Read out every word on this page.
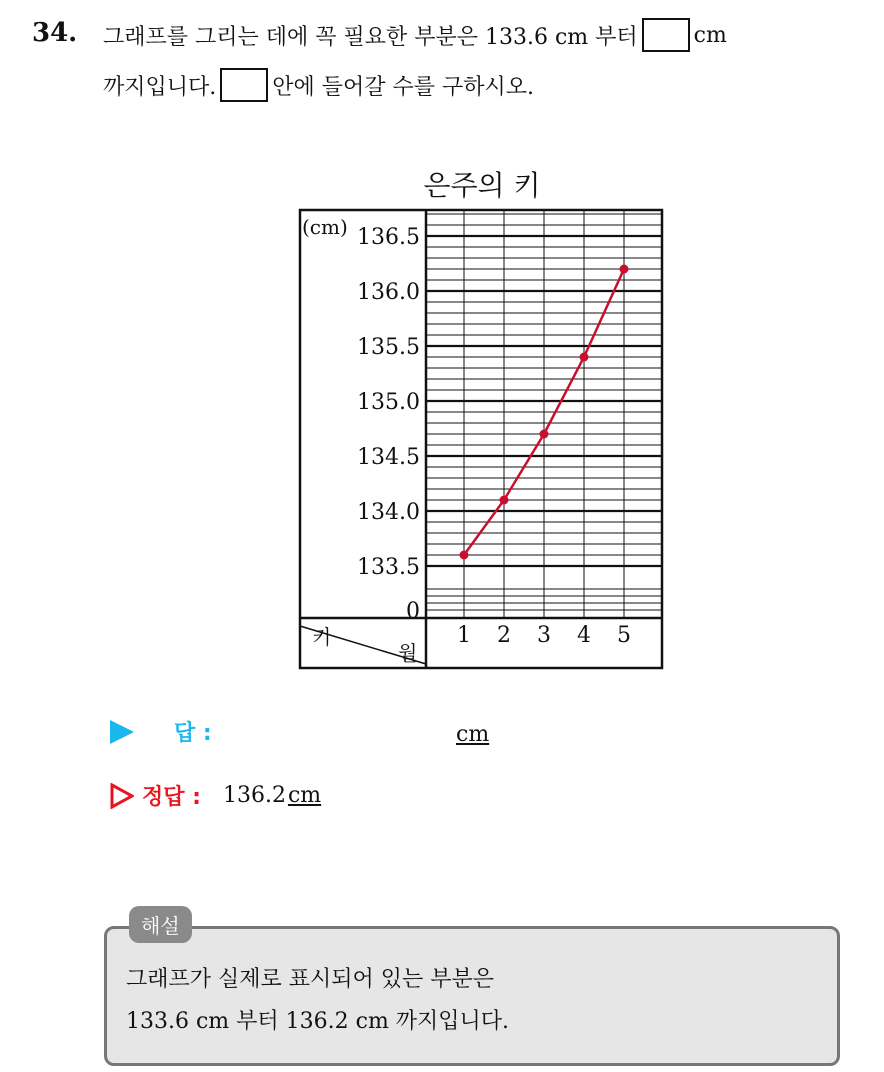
34. 그래프를 그리는 데에 꼭 필요한 부분은 133.6 cm 부터	cm
까지입니다.	안에 들어갈 수를 구하시오.
은주의 키
키
월
(cm)
0
133.5
134.0
134.5
135.0
135.5
136.0
136.5
1 2 3 4 5
답 :	cm
정답 : 136.2 cm
해설
그래프가 실제로 표시되어 있는 부분은
133.6 cm 부터 136.2 cm 까지입니다.
